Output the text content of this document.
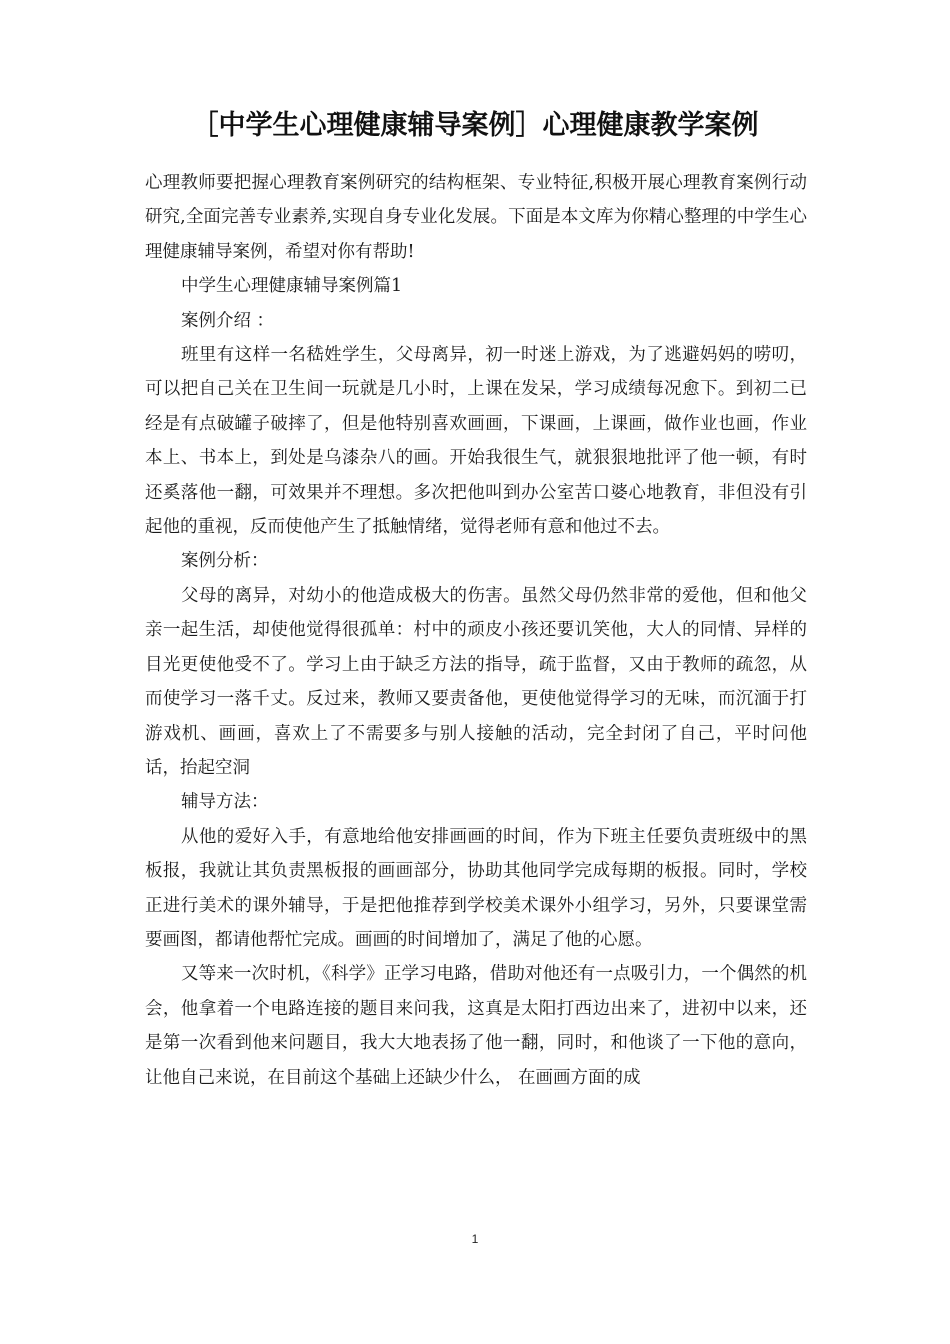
［中学生心理健康辅导案例］心理健康教学案例

心理教师要把握心理教育案例研究的结构框架、专业特征,积极开展心理教育案例行动研究,全面完善专业素养,实现自身专业化发展。下面是本文库为你精心整理的中学生心理健康辅导案例，希望对你有帮助!

中学生心理健康辅导案例篇1

案例介绍 ：

班里有这样一名嵇姓学生，父母离异，初一时迷上游戏，为了逃避妈妈的唠叨，可以把自己关在卫生间一玩就是几小时，上课在发呆，学习成绩每况愈下。到初二已经是有点破罐子破摔了，但是他特别喜欢画画，下课画，上课画，做作业也画，作业本上、书本上，到处是乌漆杂八的画。开始我很生气，就狠狠地批评了他一顿，有时还奚落他一翻，可效果并不理想。多次把他叫到办公室苦口婆心地教育，非但没有引起他的重视，反而使他产生了抵触情绪，觉得老师有意和他过不去。

案例分析：

父母的离异，对幼小的他造成极大的伤害。虽然父母仍然非常的爱他，但和他父亲一起生活，却使他觉得很孤单：村中的顽皮小孩还要讥笑他，大人的同情、异样的目光更使他受不了。学习上由于缺乏方法的指导，疏于监督，又由于教师的疏忽，从而使学习一落千丈。反过来，教师又要责备他，更使他觉得学习的无味，而沉湎于打游戏机、画画，喜欢上了不需要多与别人接触的活动，完全封闭了自己，平时问他话，抬起空洞

辅导方法：

从他的爱好入手，有意地给他安排画画的时间，作为下班主任要负责班级中的黑板报，我就让其负责黑板报的画画部分，协助其他同学完成每期的板报。同时，学校正进行美术的课外辅导，于是把他推荐到学校美术课外小组学习，另外，只要课堂需要画图，都请他帮忙完成。画画的时间增加了，满足了他的心愿。

又等来一次时机，《科学》正学习电路，借助对他还有一点吸引力，一个偶然的机会，他拿着一个电路连接的题目来问我，这真是太阳打西边出来了，进初中以来，还是第一次看到他来问题目，我大大地表扬了他一翻，同时，和他谈了一下他的意向，让他自己来说，在目前这个基础上还缺少什么， 在画画方面的成

1
